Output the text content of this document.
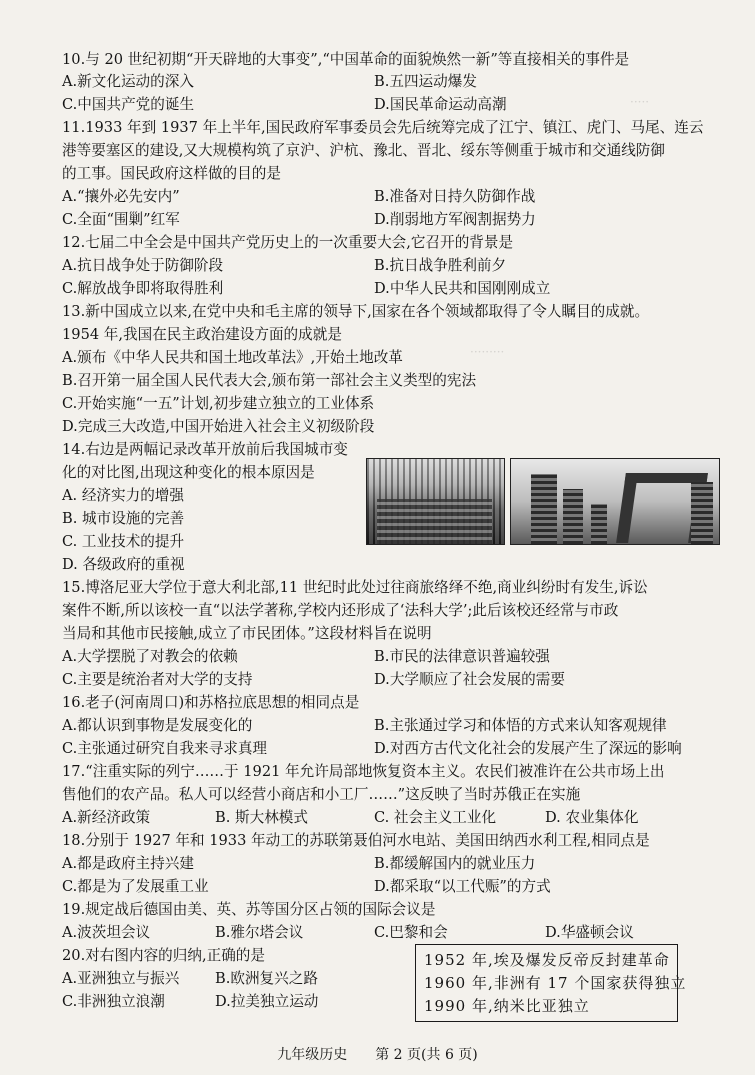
·····
·········
10.与 20 世纪初期“开天辟地的大事变”,“中国革命的面貌焕然一新”等直接相关的事件是
A.新文化运动的深入	B.五四运动爆发
C.中国共产党的诞生	D.国民革命运动高潮
11.1933 年到 1937 年上半年,国民政府军事委员会先后统筹完成了江宁、镇江、虎门、马尾、连云
港等要塞区的建设,又大规模构筑了京沪、沪杭、豫北、晋北、绥东等侧重于城市和交通线防御
的工事。国民政府这样做的目的是
A.“攘外必先安内”	B.准备对日持久防御作战
C.全面“围剿”红军	D.削弱地方军阀割据势力
12.七届二中全会是中国共产党历史上的一次重要大会,它召开的背景是
A.抗日战争处于防御阶段	B.抗日战争胜利前夕
C.解放战争即将取得胜利	D.中华人民共和国刚刚成立
13.新中国成立以来,在党中央和毛主席的领导下,国家在各个领域都取得了令人瞩目的成就。
1954 年,我国在民主政治建设方面的成就是
A.颁布《中华人民共和国土地改革法》,开始土地改革
B.召开第一届全国人民代表大会,颁布第一部社会主义类型的宪法
C.开始实施“一五”计划,初步建立独立的工业体系
D.完成三大改造,中国开始进入社会主义初级阶段
14.右边是两幅记录改革开放前后我国城市变
化的对比图,出现这种变化的根本原因是
A. 经济实力的增强
B. 城市设施的完善
C. 工业技术的提升
D. 各级政府的重视
15.博洛尼亚大学位于意大利北部,11 世纪时此处过往商旅络绎不绝,商业纠纷时有发生,诉讼
案件不断,所以该校一直“以法学著称,学校内还形成了‘法科大学’;此后该校还经常与市政
当局和其他市民接触,成立了市民团体。”这段材料旨在说明
A.大学摆脱了对教会的依赖	B.市民的法律意识普遍较强
C.主要是统治者对大学的支持	D.大学顺应了社会发展的需要
16.老子(河南周口)和苏格拉底思想的相同点是
A.都认识到事物是发展变化的	B.主张通过学习和体悟的方式来认知客观规律
C.主张通过研究自我来寻求真理	D.对西方古代文化社会的发展产生了深远的影响
17.“注重实际的列宁……于 1921 年允许局部地恢复资本主义。农民们被准许在公共市场上出
售他们的农产品。私人可以经营小商店和小工厂……”这反映了当时苏俄正在实施
A.新经济政策	B. 斯大林模式	C. 社会主义工业化	D. 农业集体化
18.分别于 1927 年和 1933 年动工的苏联第聂伯河水电站、美国田纳西水利工程,相同点是
A.都是政府主持兴建	B.都缓解国内的就业压力
C.都是为了发展重工业	D.都采取“以工代赈”的方式
19.规定战后德国由美、英、苏等国分区占领的国际会议是
A.波茨坦会议	B.雅尔塔会议	C.巴黎和会	D.华盛顿会议
20.对右图内容的归纳,正确的是
A.亚洲独立与振兴 B.欧洲复兴之路
C.非洲独立浪潮	D.拉美独立运动
1952 年,埃及爆发反帝反封建革命
1960 年,非洲有 17 个国家获得独立
1990 年,纳米比亚独立
九年级历史　　第 2 页(共 6 页)
